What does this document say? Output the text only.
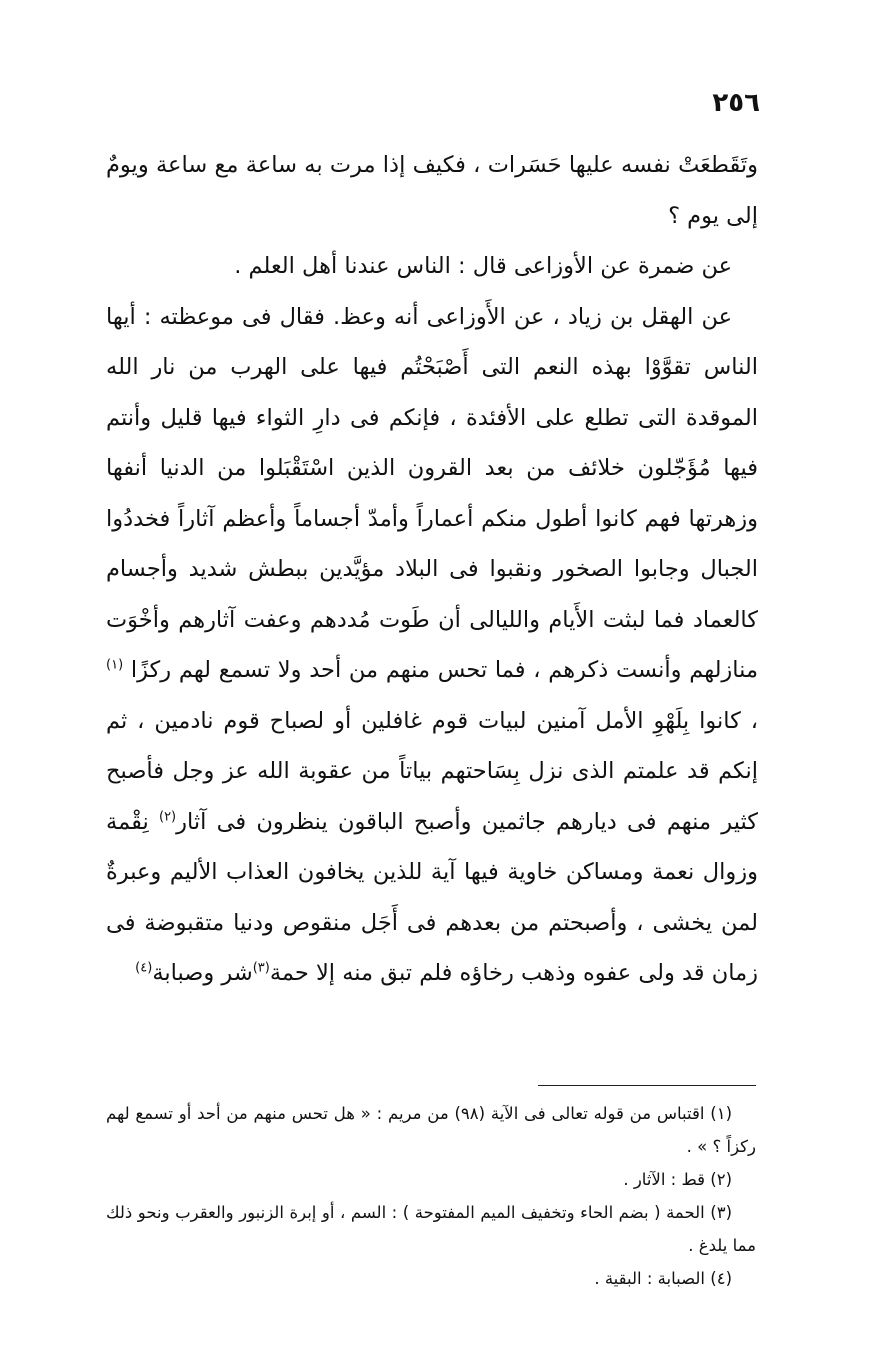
٢٥٦

وتَقَطعَتْ نفسه عليها حَسَرات ، فكيف إذا مرت به ساعة مع ساعة ويومٌ إلى يوم ؟

عن ضمرة عن الأوزاعى قال : الناس عندنا أهل العلم .

عن الهقل بن زياد ، عن الأَوزاعى أنه وعظ. فقال فى موعظته : أيها الناس تقوَّوْا بهذه النعم التى أَصْبَحْتُم فيها على الهرب من نار الله الموقدة التى تطلع على الأفئدة ، فإنكم فى دارِ الثواء فيها قليل وأنتم فيها مُؤَجّلون خلائف من بعد القرون الذين اسْتَقْبَلوا من الدنيا أنفها وزهرتها فهم كانوا أطول منكم أعماراً وأمدّ أجساماً وأعظم آثاراً فخددُوا الجبال وجابوا الصخور ونقبوا فى البلاد مؤيَّدين ببطش شديد وأجسام كالعماد فما لبثت الأَيام والليالى أن طَوت مُددهم وعفت آثارهم وأخْوَت منازلهم وأنست ذكرهم ، فما تحس منهم من أحد ولا تسمع لهم ركزًا $^{(١)}$ ، كانوا بِلَهْوِ الأمل آمنين لبيات قوم غافلين أو لصباح قوم نادمين ، ثم إنكم قد علمتم الذى نزل بِسَاحتهم بياتاً من عقوبة الله عز وجل فأصبح كثير منهم فى ديارهم جاثمين وأصبح الباقون ينظرون فى آثار$^{(٢)}$ نِقْمة وزوال نعمة ومساكن خاوية فيها آية للذين يخافون العذاب الأليم وعبرةٌ لمن يخشى ، وأصبحتم من بعدهم فى أَجَل منقوص ودنيا متقبوضة فى زمان قد ولى عفوه وذهب رخاؤه فلم تبق منه إلا حمة$^{(٣)}$شر وصبابة$^{(٤)}$

(١) اقتباس من قوله تعالى فى الآية (٩٨) من مريم : « هل تحس منهم من أحد أو تسمع لهم ركزاً ؟ » .

(٢) قط : الآثار .

(٣) الحمة ( بضم الحاء وتخفيف الميم المفتوحة ) : السم ، أو إبرة الزنبور والعقرب ونحو ذلك مما يلدغ .

(٤) الصبابة : البقية .
